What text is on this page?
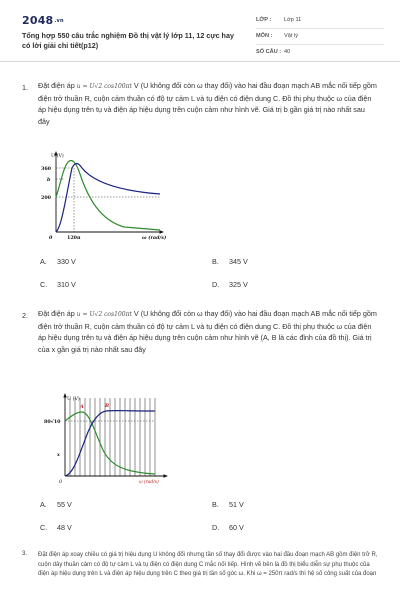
2048.vn
Tổng hợp 550 câu trắc nghiệm Đồ thị vật lý lớp 11, 12 cực hay có lời giải chi tiết(p12)
LỚP : Lớp 11
MÔN : Vật lý
SỐ CÂU : 40
1. Đặt điện áp u = U√2 cos100πt V (U không đổi còn ω thay đổi) vào hai đầu đoạn mạch AB mắc nối tiếp gồm điện trở thuần R, cuộn cảm thuần có độ tự cảm L và tụ điện có điện dung C. Đồ thị phụ thuộc ω của điện áp hiệu dụng trên tụ và điện áp hiệu dụng trên cuộn cảm như hình vẽ. Giá trị b gần giá trị nào nhất sau đây
U (V)
360
b
200
0	120π	ω (rad/s)
A. 330 V	B. 345 V
C. 310 V	D. 325 V
2. Đặt điện áp u = U√2 cos100πt V (U không đổi còn ω thay đổi) vào hai đầu đoạn mạch AB mắc nối tiếp gồm điện trở thuần R, cuộn cảm thuần có độ tự cảm L và tụ điện có điện dung C. Đồ thị phụ thuộc ω của điện áp hiệu dụng trên tụ và điện áp hiệu dụng trên cuộn cảm như hình vẽ (A, B là các đỉnh của đồ thị). Giá trị của x gần giá trị nào nhất sau đây
U (V)
A	B
80√10
0
x
ω (rad/s)
A. 55 V	B. 51 V
C. 48 V	D. 60 V
3. Đặt điện áp xoay chiều có giá trị hiệu dụng U không đổi nhưng tần số thay đổi được vào hai đầu đoạn mạch AB gồm điện trở R, cuộn dây thuần cảm có độ tự cảm L và tụ điện có điện dung C mắc nối tiếp. Hình vẽ bên là đồ thị biểu diễn sự phụ thuộc của điện áp hiệu dụng trên L và điện áp hiệu dụng trên C theo giá trị tần số góc ω. Khi ω = 250π rad/s thì hệ số công suất của đoạn
